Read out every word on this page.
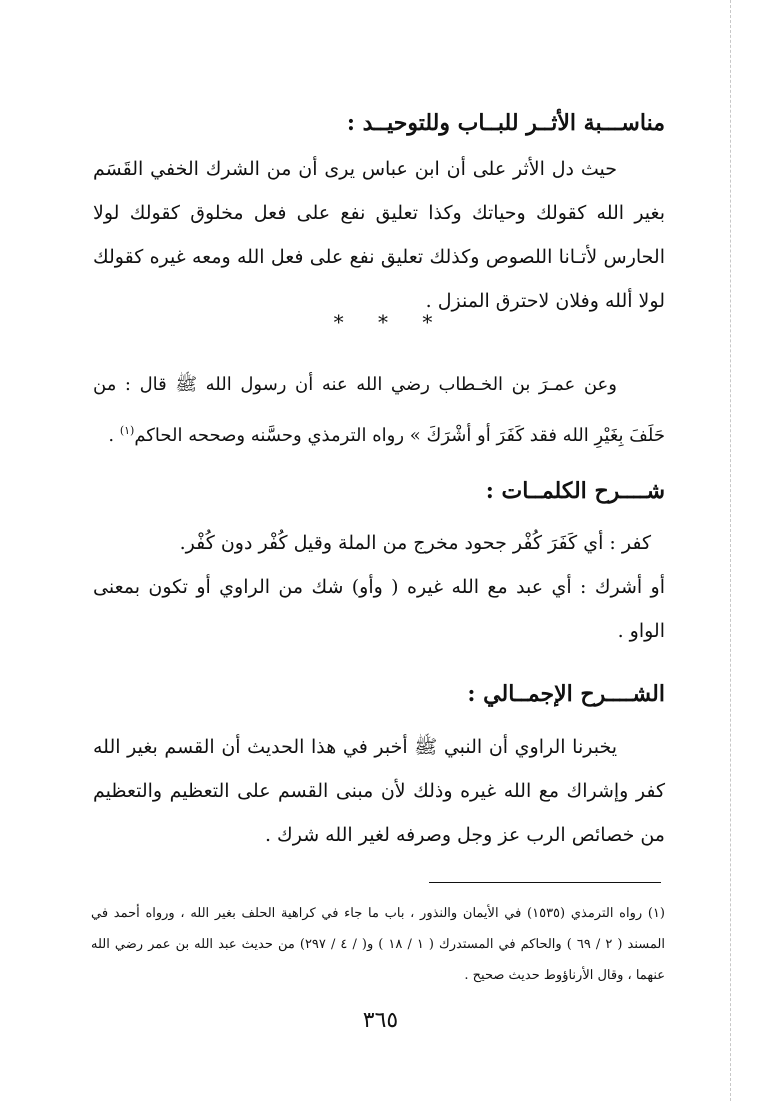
مناســـبة الأثــر للبــاب وللتوحيــد :
حيث دل الأثر على أن ابن عباس يرى أن من الشرك الخفي القَسَم بغير الله كقولك وحياتك وكذا تعليق نفع على فعل مخلوق كقولك لولا الحارس لأتـانا اللصوص وكذلك تعليق نفع على فعل الله ومعه غيره كقولك لولا ألله وفلان لاحترق المنزل .
* * *
وعن عمـرَ بن الخـطاب رضي الله عنه أن رسول الله ﷺ قال : من حَلَفَ بِغَيْرِ الله فقد كَفَرَ أو أشْرَكَ » رواه الترمذي وحسَّنه وصححه الحاكم$^{(١)}$ .
شــــرح الكلمــات :
كفر : أي كَفَرَ كُفْر جحود مخرج من الملة وقيل كُفْر دون كُفْر.
أو أشرك : أي عبد مع الله غيره ( وأو) شك من الراوي أو تكون بمعنى الواو .
الشــــرح الإجمــالي :
يخبرنا الراوي أن النبي ﷺ أخبر في هذا الحديث أن القسم بغير الله كفر وإشراك مع الله غيره وذلك لأن مبنى القسم على التعظيم والتعظيم من خصائص الرب عز وجل وصرفه لغير الله شرك .
(١) رواه الترمذي (١٥٣٥) في الأيمان والنذور ، باب ما جاء في كراهية الحلف بغير الله ، ورواه أحمد في المسند ( ٢ / ٦٩ ) والحاكم في المستدرك ( ١ / ١٨ ) و( / ٤ / ٢٩٧) من حديث عبد الله بن عمر رضي الله عنهما ، وقال الأرناؤوط حديث صحيح .
٣٦٥
